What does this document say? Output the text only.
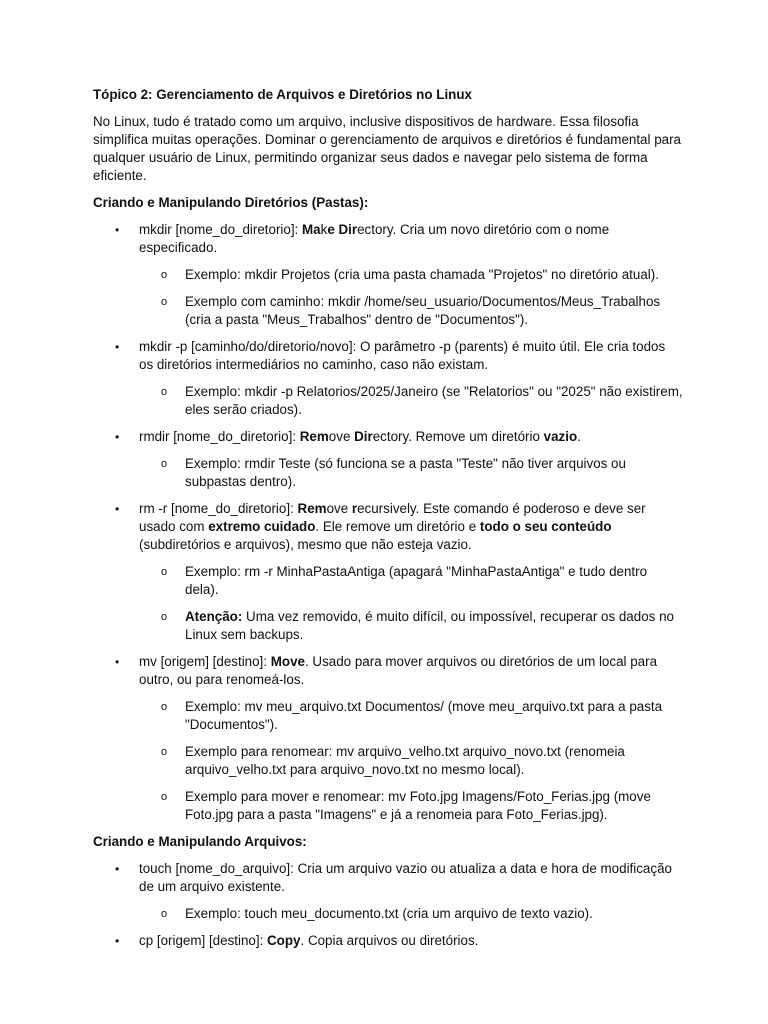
Tópico 2: Gerenciamento de Arquivos e Diretórios no Linux

No Linux, tudo é tratado como um arquivo, inclusive dispositivos de hardware. Essa filosofia simplifica muitas operações. Dominar o gerenciamento de arquivos e diretórios é fundamental para qualquer usuário de Linux, permitindo organizar seus dados e navegar pelo sistema de forma eficiente.

Criando e Manipulando Diretórios (Pastas):

• mkdir [nome_do_diretorio]: Make Directory. Cria um novo diretório com o nome especificado.
o Exemplo: mkdir Projetos (cria uma pasta chamada "Projetos" no diretório atual).
o Exemplo com caminho: mkdir /home/seu_usuario/Documentos/Meus_Trabalhos (cria a pasta "Meus_Trabalhos" dentro de "Documentos").
• mkdir -p [caminho/do/diretorio/novo]: O parâmetro -p (parents) é muito útil. Ele cria todos os diretórios intermediários no caminho, caso não existam.
o Exemplo: mkdir -p Relatorios/2025/Janeiro (se "Relatorios" ou "2025" não existirem, eles serão criados).
• rmdir [nome_do_diretorio]: Remove Directory. Remove um diretório vazio.
o Exemplo: rmdir Teste (só funciona se a pasta "Teste" não tiver arquivos ou subpastas dentro).
• rm -r [nome_do_diretorio]: Remove recursively. Este comando é poderoso e deve ser usado com extremo cuidado. Ele remove um diretório e todo o seu conteúdo (subdiretórios e arquivos), mesmo que não esteja vazio.
o Exemplo: rm -r MinhaPastaAntiga (apagará "MinhaPastaAntiga" e tudo dentro dela).
o Atenção: Uma vez removido, é muito difícil, ou impossível, recuperar os dados no Linux sem backups.
• mv [origem] [destino]: Move. Usado para mover arquivos ou diretórios de um local para outro, ou para renomeá-los.
o Exemplo: mv meu_arquivo.txt Documentos/ (move meu_arquivo.txt para a pasta "Documentos").
o Exemplo para renomear: mv arquivo_velho.txt arquivo_novo.txt (renomeia arquivo_velho.txt para arquivo_novo.txt no mesmo local).
o Exemplo para mover e renomear: mv Foto.jpg Imagens/Foto_Ferias.jpg (move Foto.jpg para a pasta "Imagens" e já a renomeia para Foto_Ferias.jpg).

Criando e Manipulando Arquivos:

• touch [nome_do_arquivo]: Cria um arquivo vazio ou atualiza a data e hora de modificação de um arquivo existente.
o Exemplo: touch meu_documento.txt (cria um arquivo de texto vazio).
• cp [origem] [destino]: Copy. Copia arquivos ou diretórios.
